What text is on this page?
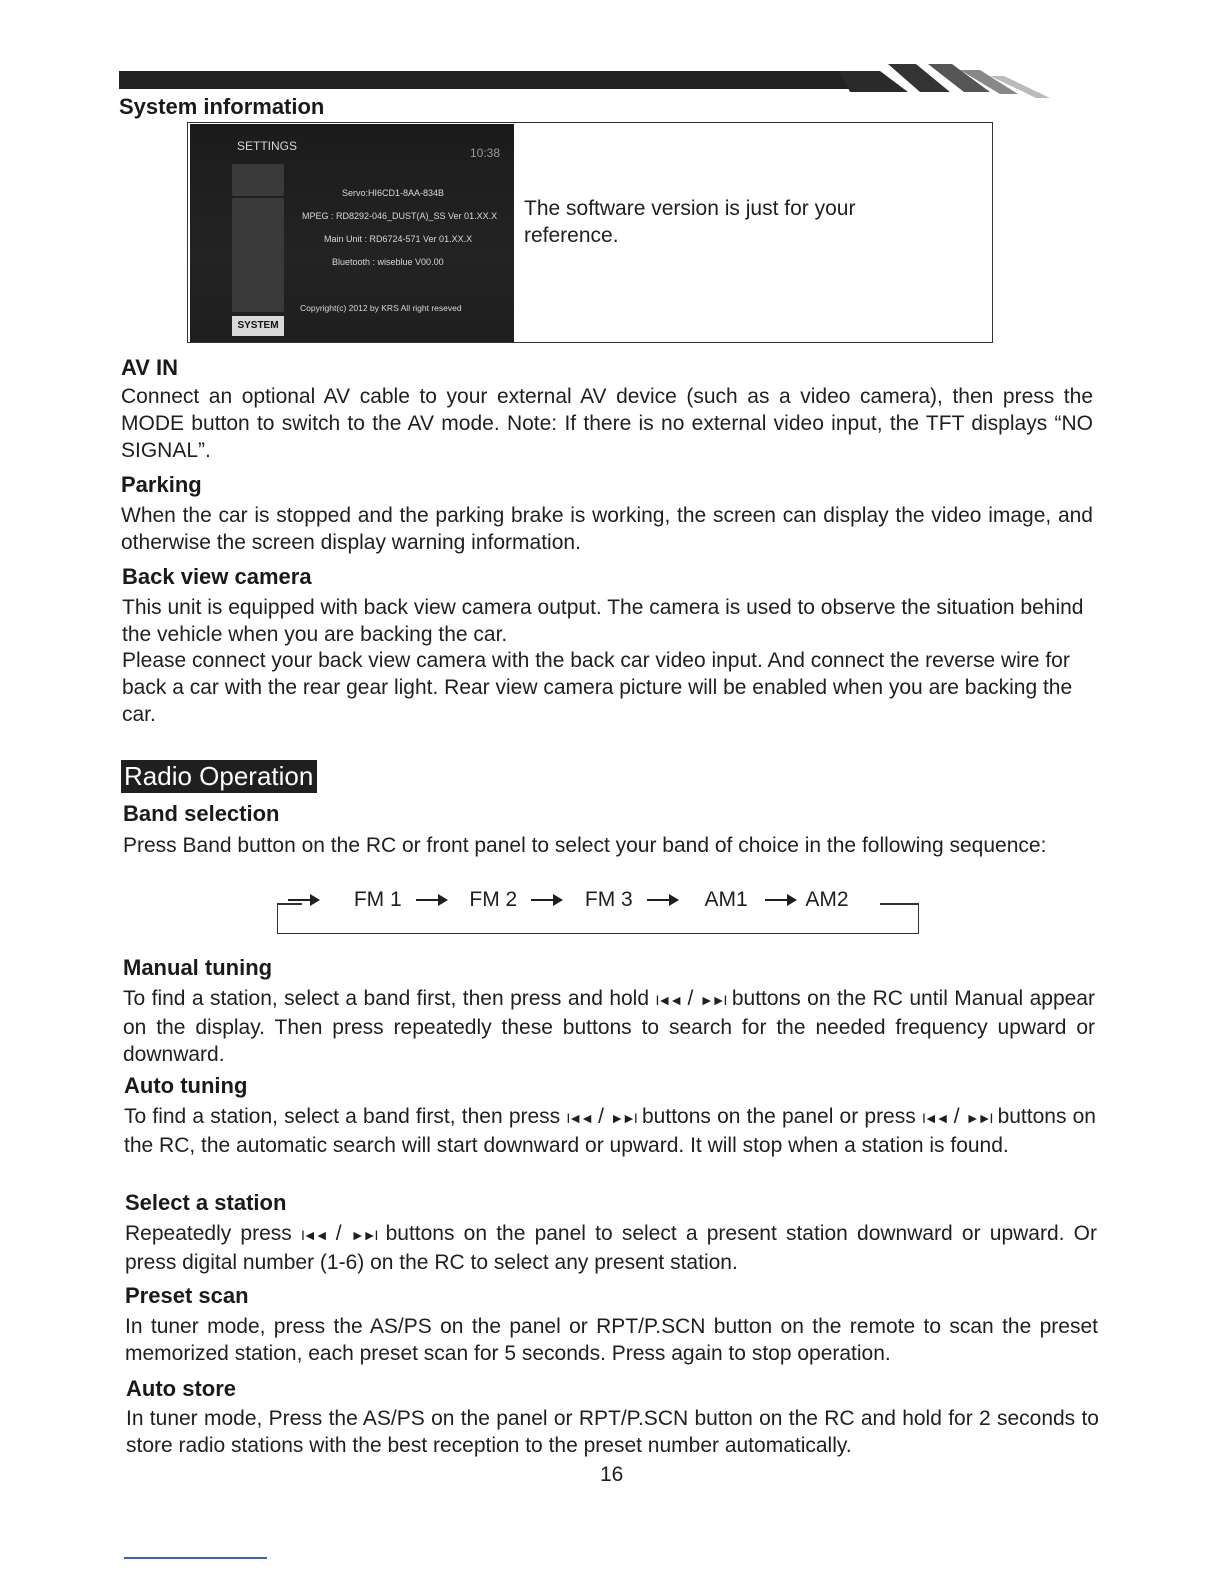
System information
SETTINGS	10:38
SYSTEM
Servo:HI6CD1-8AA-834B
MPEG : RD8292-046_DUST(A)_SS Ver 01.XX.X
Main Unit : RD6724-571 Ver 01.XX.X
Bluetooth : wiseblue V00.00
Copyright(c) 2012 by KRS All right reseved
The software version is just for your reference.
AV IN
Connect an optional AV cable to your external AV device (such as a video camera), then press the MODE button to switch to the AV mode. Note: If there is no external video input, the TFT displays “NO SIGNAL”.
Parking
When the car is stopped and the parking brake is working, the screen can display the video image, and otherwise the screen display warning information.
Back view camera
This unit is equipped with back view camera output. The camera is used to observe the situation behind the vehicle when you are backing the car.
Please connect your back view camera with the back car video input. And connect the reverse wire for back a car with the rear gear light. Rear view camera picture will be enabled when you are backing the car.
Radio Operation
Band selection
Press Band button on the RC or front panel to select your band of choice in the following sequence:
FM 1	FM 2	FM 3	AM1	AM2
Manual tuning
To find a station, select a band first, then press and hold I◄◄ / ►►I buttons on the RC until Manual appear on the display. Then press repeatedly these buttons to search for the needed frequency upward or downward.
Auto tuning
To find a station, select a band first, then press I◄◄ / ►►I buttons on the panel or press I◄◄ / ►►I buttons on the RC, the automatic search will start downward or upward. It will stop when a station is found.
Select a station
Repeatedly press I◄◄ / ►►I buttons on the panel to select a present station downward or upward. Or press digital number (1-6) on the RC to select any present station.
Preset scan
In tuner mode, press the AS/PS on the panel or RPT/P.SCN button on the remote to scan the preset memorized station, each preset scan for 5 seconds. Press again to stop operation.
Auto store
In tuner mode, Press the AS/PS on the panel or RPT/P.SCN button on the RC and hold for 2 seconds to store radio stations with the best reception to the preset number automatically.
16
